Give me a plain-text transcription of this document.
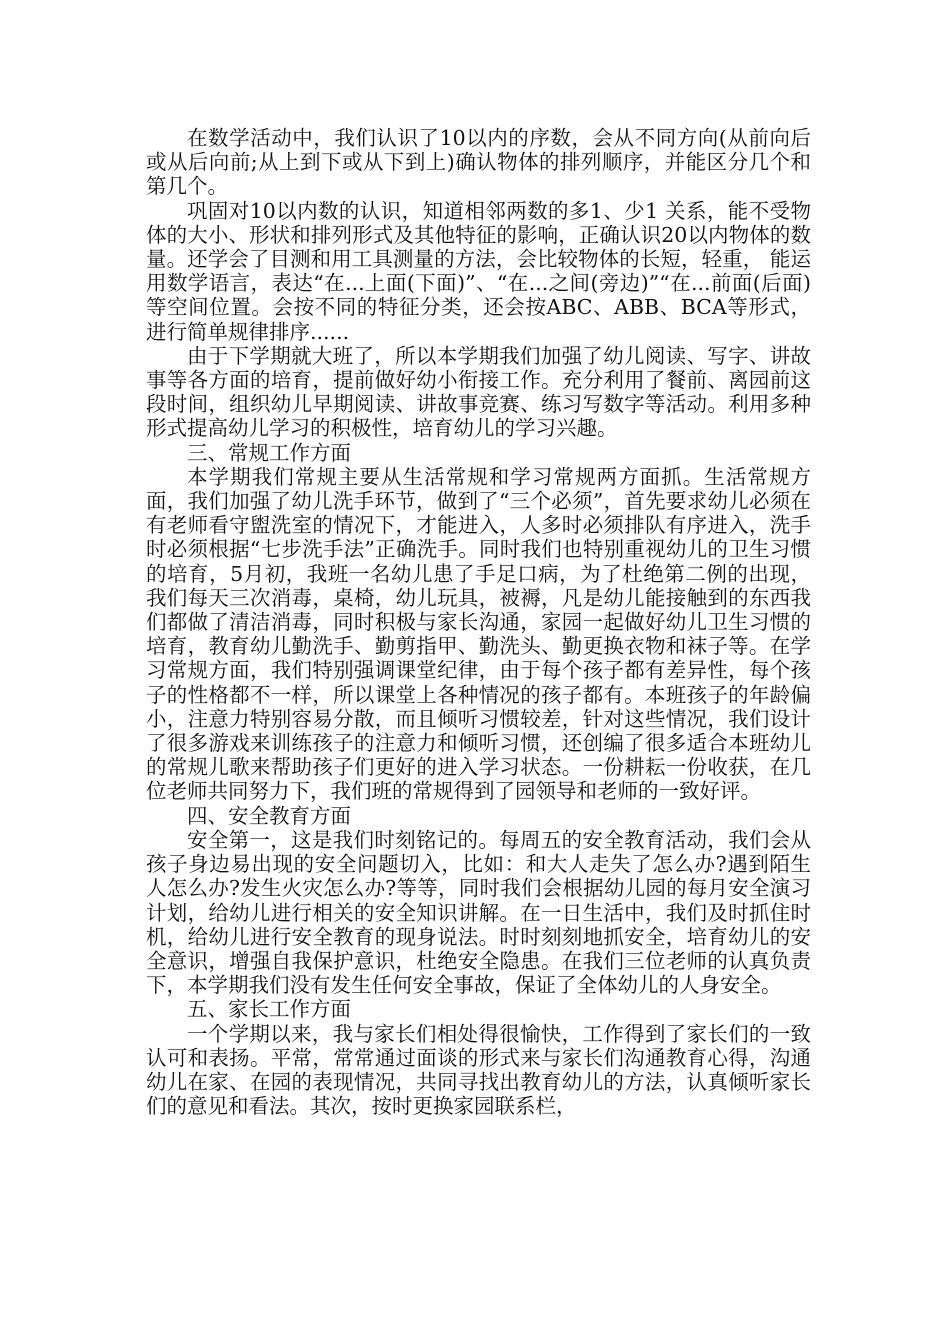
在数学活动中，我们认识了10以内的序数，会从不同方向(从前向后或从后向前;从上到下或从下到上)确认物体的排列顺序，并能区分几个和第几个。

巩固对10以内数的认识，知道相邻两数的多1、少1 关系，能不受物体的大小、形状和排列形式及其他特征的影响，正确认识20以内物体的数量。还学会了目测和用工具测量的方法，会比较物体的长短，轻重， 能运用数学语言，表达“在...上面(下面)”、“在...之间(旁边)”“在...前面(后面)等空间位置。会按不同的特征分类，还会按ABC、ABB、BCA等形式，进行简单规律排序......

由于下学期就大班了，所以本学期我们加强了幼儿阅读、写字、讲故事等各方面的培育，提前做好幼小衔接工作。充分利用了餐前、离园前这段时间，组织幼儿早期阅读、讲故事竞赛、练习写数字等活动。利用多种形式提高幼儿学习的积极性，培育幼儿的学习兴趣。

三、常规工作方面

本学期我们常规主要从生活常规和学习常规两方面抓。生活常规方面，我们加强了幼儿洗手环节，做到了“三个必须”，首先要求幼儿必须在有老师看守盥洗室的情况下，才能进入，人多时必须排队有序进入，洗手时必须根据“七步洗手法”正确洗手。同时我们也特别重视幼儿的卫生习惯的培育，5月初，我班一名幼儿患了手足口病，为了杜绝第二例的出现，我们每天三次消毒，桌椅，幼儿玩具，被褥，凡是幼儿能接触到的东西我们都做了清洁消毒，同时积极与家长沟通，家园一起做好幼儿卫生习惯的培育，教育幼儿勤洗手、勤剪指甲、勤洗头、勤更换衣物和袜子等。在学习常规方面，我们特别强调课堂纪律，由于每个孩子都有差异性，每个孩子的性格都不一样，所以课堂上各种情况的孩子都有。本班孩子的年龄偏小，注意力特别容易分散，而且倾听习惯较差，针对这些情况，我们设计了很多游戏来训练孩子的注意力和倾听习惯，还创编了很多适合本班幼儿的常规儿歌来帮助孩子们更好的进入学习状态。一份耕耘一份收获，在几位老师共同努力下，我们班的常规得到了园领导和老师的一致好评。

四、安全教育方面

安全第一，这是我们时刻铭记的。每周五的安全教育活动，我们会从孩子身边易出现的安全问题切入，比如：和大人走失了怎么办?遇到陌生人怎么办?发生火灾怎么办?等等，同时我们会根据幼儿园的每月安全演习计划，给幼儿进行相关的安全知识讲解。在一日生活中，我们及时抓住时机，给幼儿进行安全教育的现身说法。时时刻刻地抓安全，培育幼儿的安全意识，增强自我保护意识，杜绝安全隐患。在我们三位老师的认真负责下，本学期我们没有发生任何安全事故，保证了全体幼儿的人身安全。

五、家长工作方面

一个学期以来，我与家长们相处得很愉快，工作得到了家长们的一致认可和表扬。平常，常常通过面谈的形式来与家长们沟通教育心得，沟通幼儿在家、在园的表现情况，共同寻找出教育幼儿的方法，认真倾听家长们的意见和看法。其次，按时更换家园联系栏，
